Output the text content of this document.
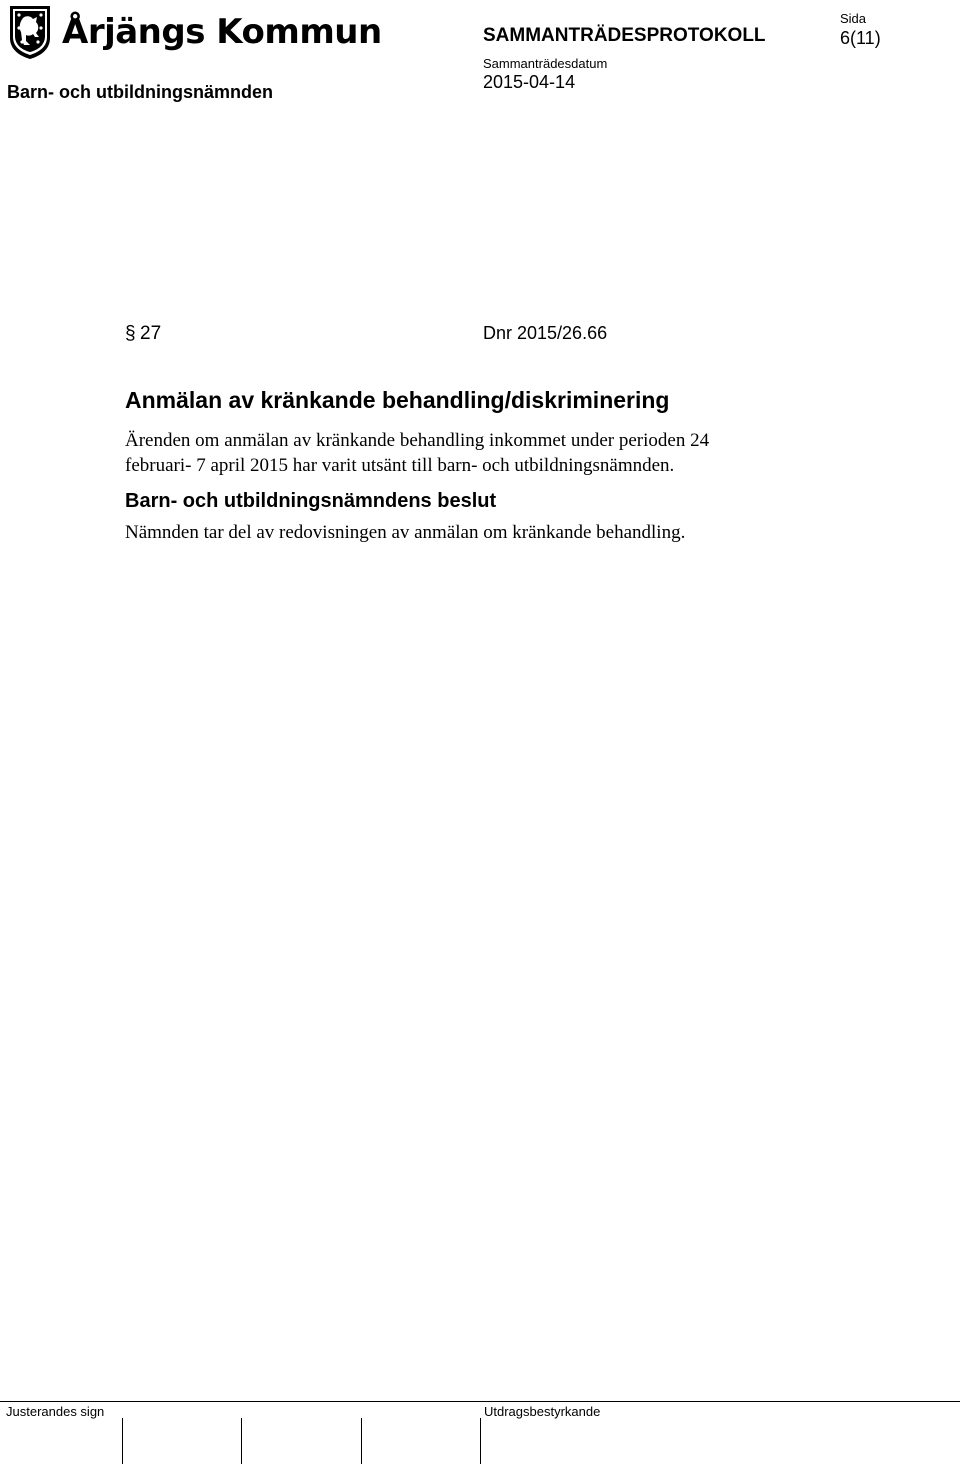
Årjängs Kommun	SAMMANTRÄDESPROTOKOLL
Sida
6(11)
Sammanträdesdatum
2015-04-14
Barn- och utbildningsnämnden
§ 27	Dnr 2015/26.66
Anmälan av kränkande behandling/diskriminering
Ärenden om anmälan av kränkande behandling inkommet under perioden 24
februari- 7 april 2015 har varit utsänt till barn- och utbildningsnämnden.
Barn- och utbildningsnämndens beslut
Nämnden tar del av redovisningen av anmälan om kränkande behandling.
Justerandes sign	Utdragsbestyrkande
